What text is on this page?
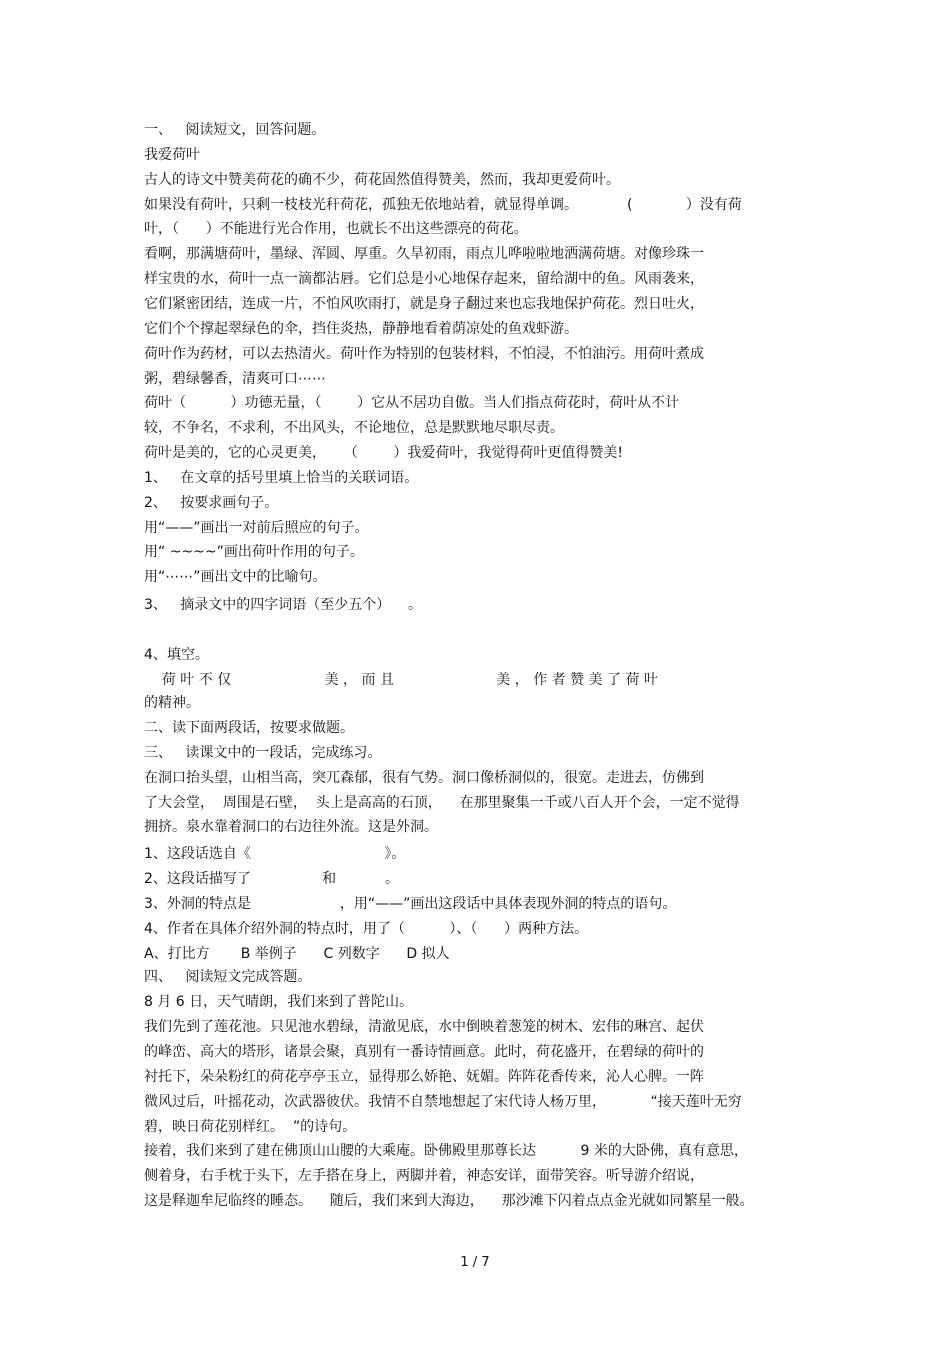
一、   阅读短文，回答问题。
我爱荷叶
古人的诗文中赞美荷花的确不少，荷花固然值得赞美，然而，我却更爱荷叶。
如果没有荷叶，只剩一枝枝光秆荷花，孤独无依地站着，就显得单调。           (            ）没有荷
叶，（      ）不能进行光合作用，也就长不出这些漂亮的荷花。
看啊，那满塘荷叶，墨绿、浑圆、厚重。久旱初雨，雨点儿哗啦啦地洒满荷塘。对像珍珠一
样宝贵的水，荷叶一点一滴都沾唇。它们总是小心地保存起来，留给湖中的鱼。风雨袭来，
它们紧密团结，连成一片，不怕风吹雨打，就是身子翻过来也忘我地保护荷花。烈日吐火，
它们个个撑起翠绿色的伞，挡住炎热，静静地看着荫凉处的鱼戏虾游。
荷叶作为药材，可以去热清火。荷叶作为特别的包装材料，不怕浸，不怕油污。用荷叶煮成
粥，碧绿馨香，清爽可口⋯⋯
荷叶（          ）功德无量，（        ）它从不居功自傲。当人们指点荷花时，荷叶从不计
较，不争名，不求利，不出风头，不论地位，总是默默地尽职尽责。
荷叶是美的，它的心灵更美，    （        ）我爱荷叶，我觉得荷叶更值得赞美!
1、   在文章的括号里填上恰当的关联词语。
2、   按要求画句子。
用“——”画出一对前后照应的句子。
用“ ~~~~”画出荷叶作用的句子。
用“⋯⋯”画出文中的比喻句。
3、   摘录文中的四字词语（至少五个）    。
4、填空。
荷 叶 不 仅                     美 ， 而 且                       美 ， 作 者 赞 美 了 荷 叶
的精神。
二、读下面两段话，按要求做题。
三、   读课文中的一段话，完成练习。
在洞口抬头望，山相当高，突兀森郁，很有气势。洞口像桥洞似的，很宽。走进去，仿佛到
了大会堂，  周围是石壁，  头上是高高的石顶，    在那里聚集一千或八百人开个会，一定不觉得
拥挤。泉水靠着洞口的右边往外流。这是外洞。
1、这段话选自《                              》。
2、这段话描写了                和           。
3、外洞的特点是                    ，用“——”画出这段话中具体表现外洞的特点的语句。
4、作者在具体介绍外洞的特点时，用了（          ）、（      ）两种方法。
A、打比方       B 举例子      C 列数字      D 拟人
四、   阅读短文完成答题。
8 月 6 日，天气晴朗，我们来到了普陀山。
我们先到了莲花池。只见池水碧绿，清澈见底，水中倒映着葱笼的树木、宏伟的琳宫、起伏
的峰峦、高大的塔形，诸景会聚，真别有一番诗情画意。此时，荷花盛开，在碧绿的荷叶的
衬托下，朵朵粉红的荷花亭亭玉立，显得那么娇艳、妩媚。阵阵花香传来，沁人心脾。一阵
微风过后，叶摇花动，次武器彼伏。我情不自禁地想起了宋代诗人杨万里，          “接天莲叶无穷
碧，映日荷花别样红。  ”的诗句。
接着，我们来到了建在佛顶山山腰的大乘庵。卧佛殿里那尊长达          9 米的大卧佛，真有意思，
侧着身，右手枕于头下，左手搭在身上，两脚并着，神态安详，面带笑容。听导游介绍说，
这是释迦牟尼临终的睡态。    随后，我们来到大海边，    那沙滩下闪着点点金光就如同繁星一般。
1 / 7
